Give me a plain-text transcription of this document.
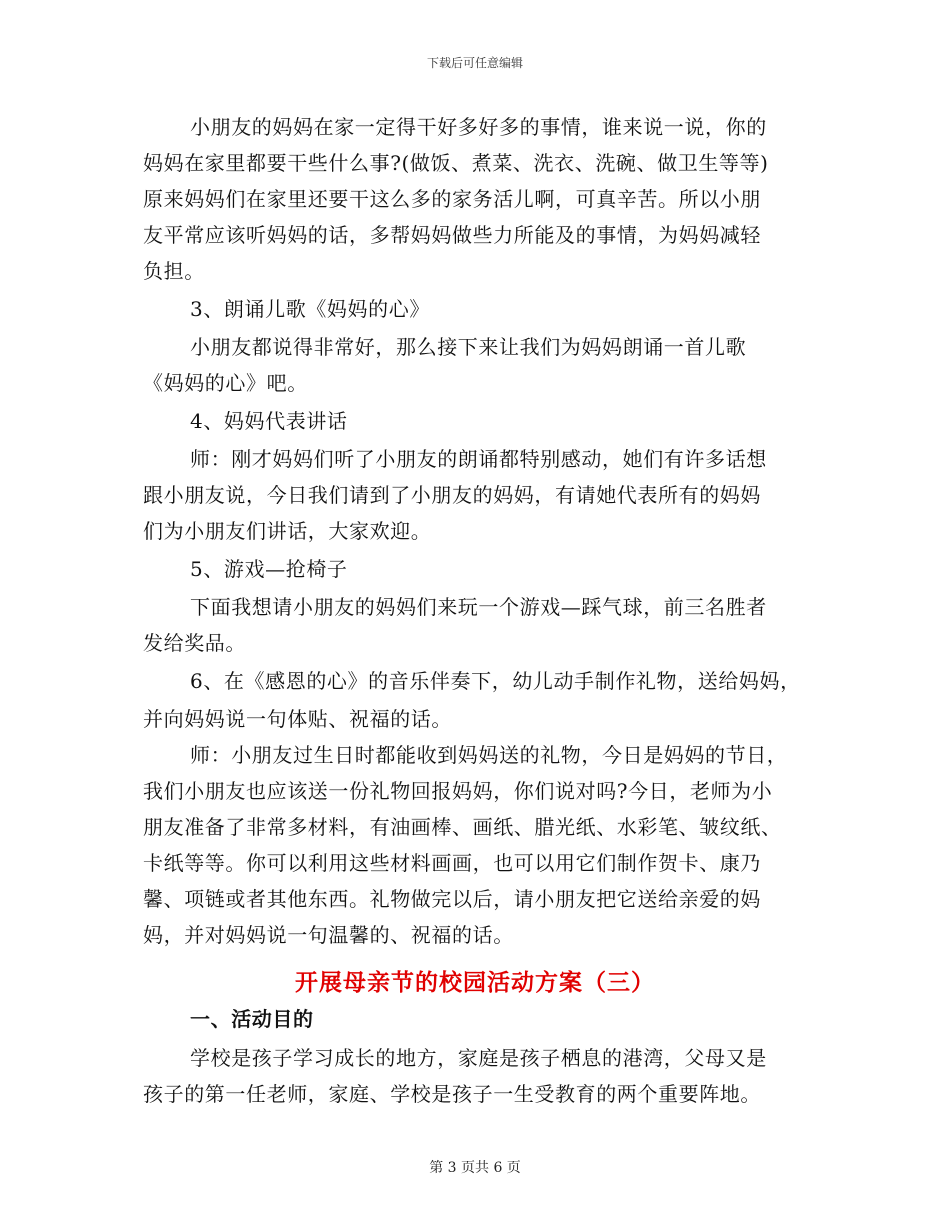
下载后可任意编辑
小朋友的妈妈在家一定得干好多好多的事情，谁来说一说，你的
妈妈在家里都要干些什么事?(做饭、煮菜、洗衣、洗碗、做卫生等等)
原来妈妈们在家里还要干这么多的家务活儿啊，可真辛苦。所以小朋
友平常应该听妈妈的话，多帮妈妈做些力所能及的事情，为妈妈减轻
负担。
3、朗诵儿歌《妈妈的心》
小朋友都说得非常好，那么接下来让我们为妈妈朗诵一首儿歌
《妈妈的心》吧。
4、妈妈代表讲话
师：刚才妈妈们听了小朋友的朗诵都特别感动，她们有许多话想
跟小朋友说，今日我们请到了小朋友的妈妈，有请她代表所有的妈妈
们为小朋友们讲话，大家欢迎。
5、游戏—抢椅子
下面我想请小朋友的妈妈们来玩一个游戏—踩气球，前三名胜者
发给奖品。
6、在《感恩的心》的音乐伴奏下，幼儿动手制作礼物，送给妈妈，
并向妈妈说一句体贴、祝福的话。
师：小朋友过生日时都能收到妈妈送的礼物，今日是妈妈的节日，
我们小朋友也应该送一份礼物回报妈妈，你们说对吗?今日，老师为小
朋友准备了非常多材料，有油画棒、画纸、腊光纸、水彩笔、皱纹纸、
卡纸等等。你可以利用这些材料画画，也可以用它们制作贺卡、康乃
馨、项链或者其他东西。礼物做完以后，请小朋友把它送给亲爱的妈
妈，并对妈妈说一句温馨的、祝福的话。
开展母亲节的校园活动方案（三）
一、活动目的
学校是孩子学习成长的地方，家庭是孩子栖息的港湾，父母又是
孩子的第一任老师，家庭、学校是孩子一生受教育的两个重要阵地。
第 3 页共 6 页
